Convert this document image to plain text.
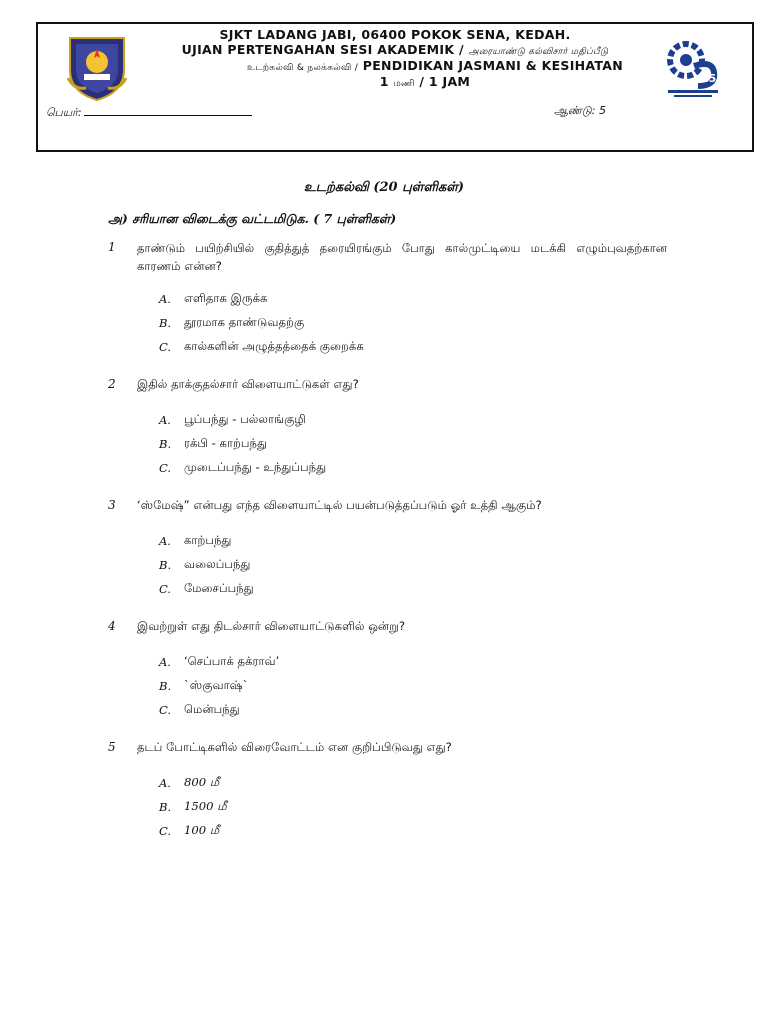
SJKT LADANG JABI, 06400 POKOK SENA, KEDAH.
UJIAN PERTENGAHAN SESI AKADEMIK / அரையாண்டு கல்விசார் மதிப்பீடு
உடற்கல்வி & நலக்கல்வி / PENDIDIKAN JASMANI & KESIHATAN
1 மணி / 1 JAM	25
பெயர்:	ஆண்டு: 5
உடற்கல்வி (20 புள்ளிகள்)
அ) சரியான விடைக்கு வட்டமிடுக. ( 7 புள்ளிகள்)
1 தாண்டும் பயிற்சியில் குதித்துத் தரையிரங்கும் போது கால்முட்டியை மடக்கி எழும்புவதற்கான காரணம் என்ன?
A. எளிதாக இருக்க
B. தூரமாக தாண்டுவதற்கு
C. கால்களின் அழுத்தத்தைக் குறைக்க
2 இதில் தாக்குதல்சார் விளையாட்டுகள் எது?
A. பூப்பந்து - பல்லாங்குழி
B. ரக்பி - காற்பந்து
C. முடைப்பந்து - உந்துப்பந்து
3 ‘ஸ்மேஷ்” என்பது எந்த விளையாட்டில் பயன்படுத்தப்படும் ஓர் உத்தி ஆகும்?
A. காற்பந்து
B. வலைப்பந்து
C. மேசைப்பந்து
4 இவற்றுள் எது திடல்சார் விளையாட்டுகளில் ஒன்று?
A. ‘செப்பாக் தக்ராவ்’
B. `ஸ்குவாஷ்`
C. மென்பந்து
5 தடப் போட்டிகளில் விரைவோட்டம் என குறிப்பிடுவது எது?
A. 800 மீ
B. 1500 மீ
C. 100 மீ
